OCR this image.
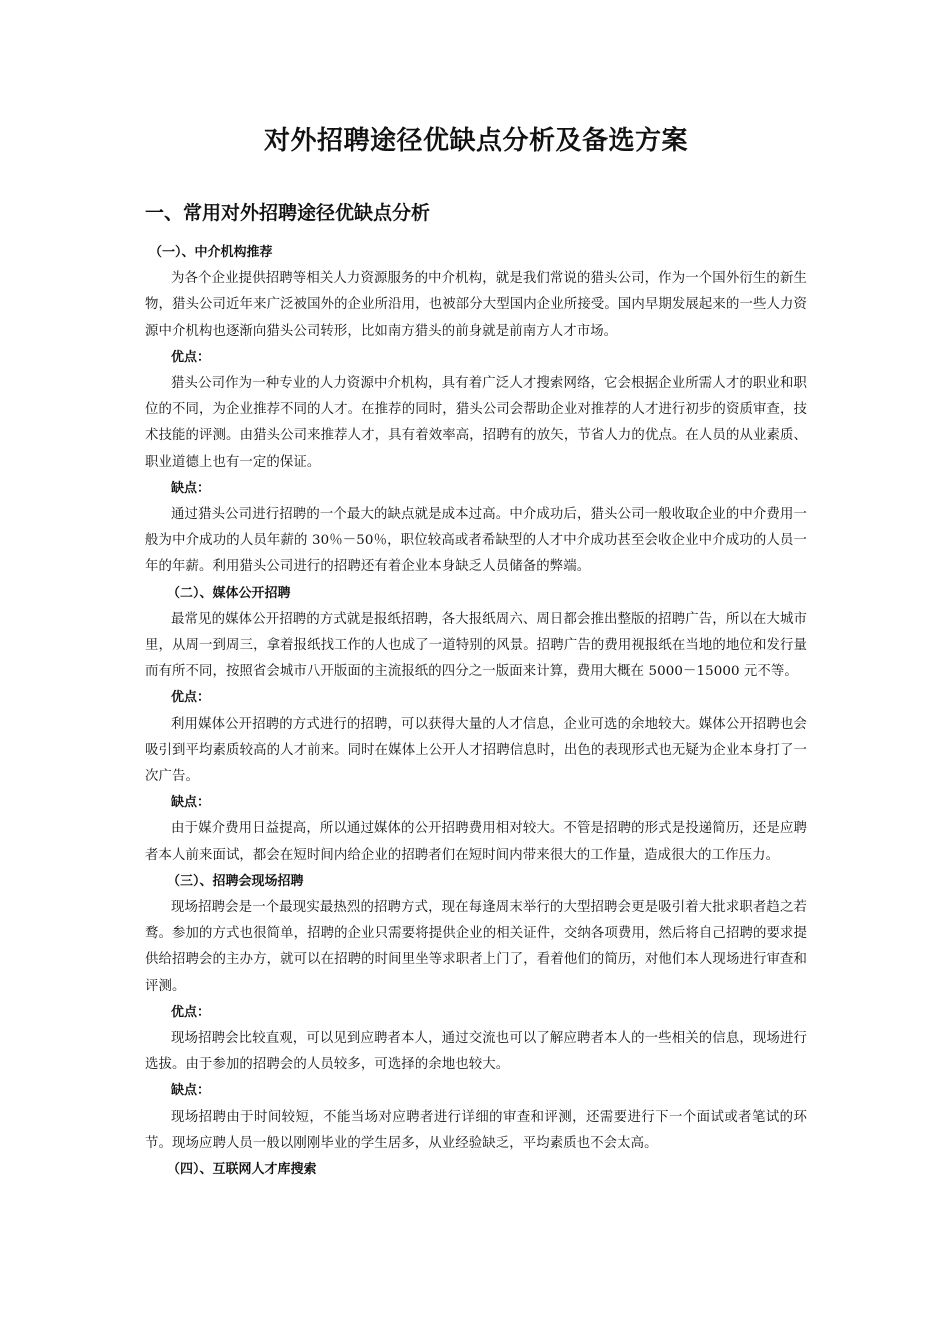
对外招聘途径优缺点分析及备选方案
一、常用对外招聘途径优缺点分析

（一）、中介机构推荐

为各个企业提供招聘等相关人力资源服务的中介机构，就是我们常说的猎头公司，作为一个国外衍生的新生物，猎头公司近年来广泛被国外的企业所沿用，也被部分大型国内企业所接受。国内早期发展起来的一些人力资源中介机构也逐渐向猎头公司转形，比如南方猎头的前身就是前南方人才市场。

优点：

猎头公司作为一种专业的人力资源中介机构，具有着广泛人才搜索网络，它会根据企业所需人才的职业和职位的不同，为企业推荐不同的人才。在推荐的同时，猎头公司会帮助企业对推荐的人才进行初步的资质审查，技术技能的评测。由猎头公司来推荐人才，具有着效率高，招聘有的放矢，节省人力的优点。在人员的从业素质、职业道德上也有一定的保证。

缺点：

通过猎头公司进行招聘的一个最大的缺点就是成本过高。中介成功后，猎头公司一般收取企业的中介费用一般为中介成功的人员年薪的 30％－50％，职位较高或者希缺型的人才中介成功甚至会收企业中介成功的人员一年的年薪。利用猎头公司进行的招聘还有着企业本身缺乏人员储备的弊端。

（二）、媒体公开招聘

最常见的媒体公开招聘的方式就是报纸招聘，各大报纸周六、周日都会推出整版的招聘广告，所以在大城市里，从周一到周三，拿着报纸找工作的人也成了一道特别的风景。招聘广告的费用视报纸在当地的地位和发行量而有所不同，按照省会城市八开版面的主流报纸的四分之一版面来计算，费用大概在 5000－15000 元不等。

优点：

利用媒体公开招聘的方式进行的招聘，可以获得大量的人才信息，企业可选的余地较大。媒体公开招聘也会吸引到平均素质较高的人才前来。同时在媒体上公开人才招聘信息时，出色的表现形式也无疑为企业本身打了一次广告。

缺点：

由于媒介费用日益提高，所以通过媒体的公开招聘费用相对较大。不管是招聘的形式是投递简历，还是应聘者本人前来面试，都会在短时间内给企业的招聘者们在短时间内带来很大的工作量，造成很大的工作压力。

（三）、招聘会现场招聘

现场招聘会是一个最现实最热烈的招聘方式，现在每逢周末举行的大型招聘会更是吸引着大批求职者趋之若鹜。参加的方式也很简单，招聘的企业只需要将提供企业的相关证件，交纳各项费用，然后将自己招聘的要求提供给招聘会的主办方，就可以在招聘的时间里坐等求职者上门了，看着他们的简历，对他们本人现场进行审查和评测。

优点：

现场招聘会比较直观，可以见到应聘者本人，通过交流也可以了解应聘者本人的一些相关的信息，现场进行选拔。由于参加的招聘会的人员较多，可选择的余地也较大。

缺点：

现场招聘由于时间较短，不能当场对应聘者进行详细的审查和评测，还需要进行下一个面试或者笔试的环节。现场应聘人员一般以刚刚毕业的学生居多，从业经验缺乏，平均素质也不会太高。

（四）、互联网人才库搜索
